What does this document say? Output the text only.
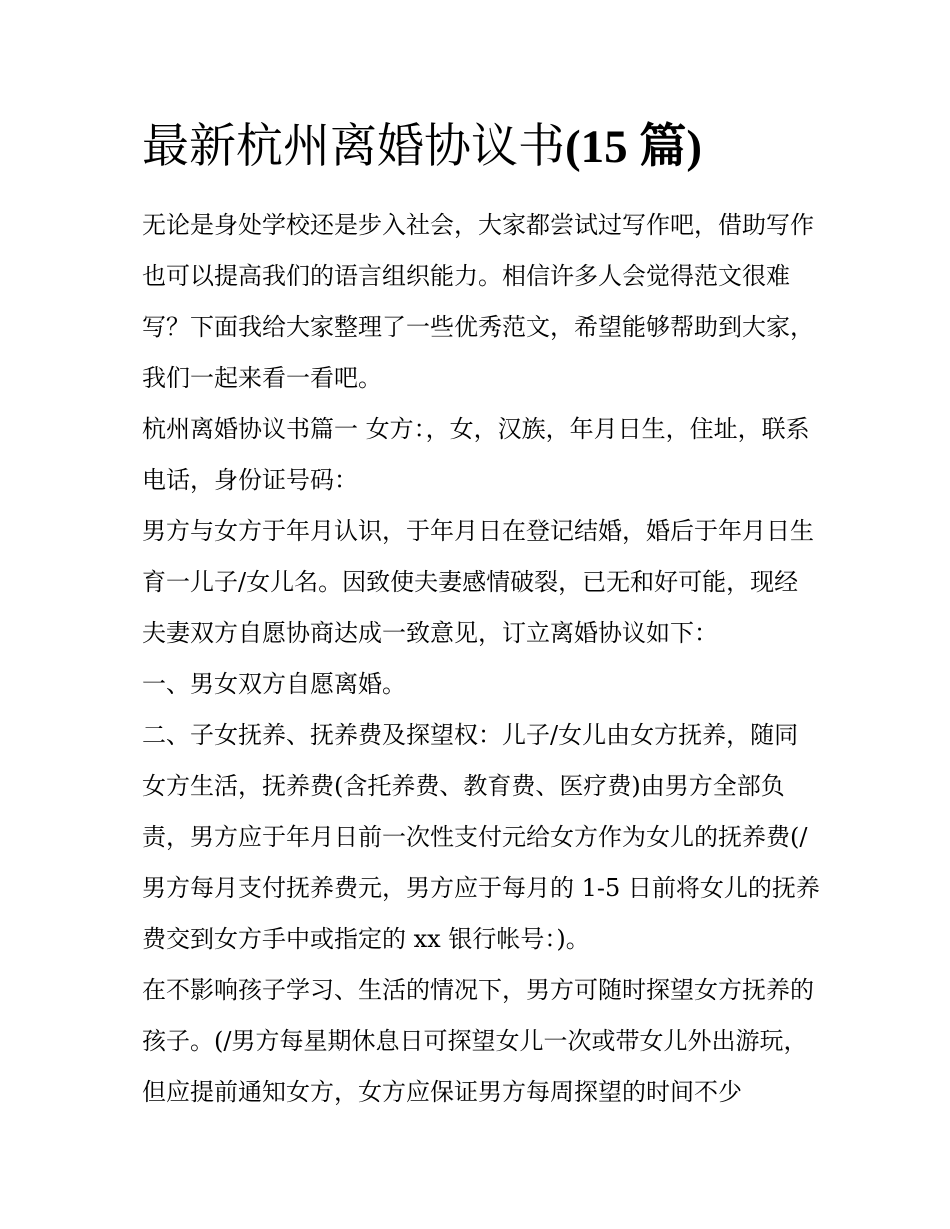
最新杭州离婚协议书(15 篇)

无论是身处学校还是步入社会，大家都尝试过写作吧，借助写作也可以提高我们的语言组织能力。相信许多人会觉得范文很难写？下面我给大家整理了一些优秀范文，希望能够帮助到大家，我们一起来看一看吧。

杭州离婚协议书篇一 女方：，女，汉族，年月日生，住址，联系电话，身份证号码：

男方与女方于年月认识，于年月日在登记结婚，婚后于年月日生育一儿子/女儿名。因致使夫妻感情破裂，已无和好可能，现经夫妻双方自愿协商达成一致意见，订立离婚协议如下：

一、男女双方自愿离婚。

二、子女抚养、抚养费及探望权：儿子/女儿由女方抚养，随同女方生活，抚养费(含托养费、教育费、医疗费)由男方全部负责，男方应于年月日前一次性支付元给女方作为女儿的抚养费(/男方每月支付抚养费元，男方应于每月的 1-5 日前将女儿的抚养费交到女方手中或指定的 xx 银行帐号：)。

在不影响孩子学习、生活的情况下，男方可随时探望女方抚养的孩子。(/男方每星期休息日可探望女儿一次或带女儿外出游玩，但应提前通知女方，女方应保证男方每周探望的时间不少
